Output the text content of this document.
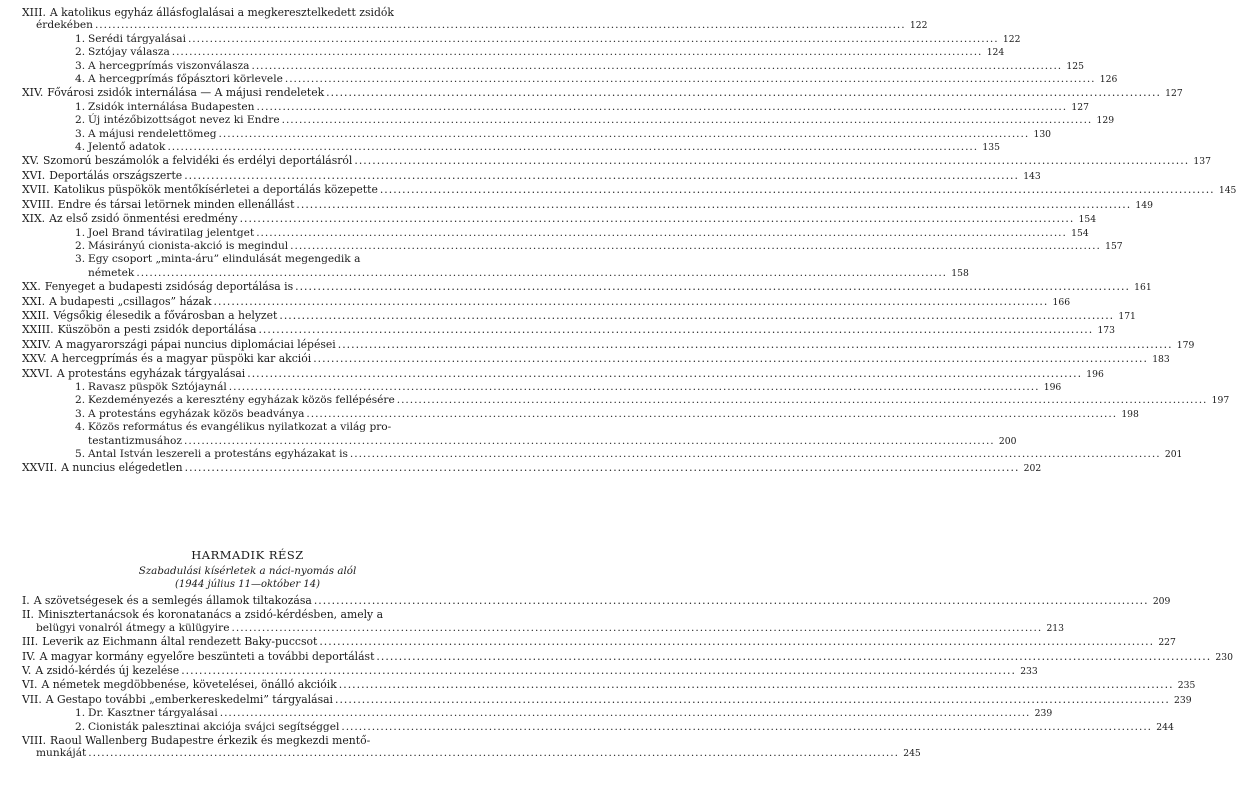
XIII. A katolikus egyház állásfoglalásai a megkeresztelkedett zsidók
érdekében . . .	122
1. Serédi tárgyalásai . . .	122
2. Sztójay válasza . . .	124
3. A hercegprímás viszonválasza . . .	125
4. A hercegprímás főpásztori körlevele . . .	126
XIV. Fővárosi zsidók internálása — A májusi rendeletek . . .	127
1. Zsidók internálása Budapesten . . .	127
2. Új intézőbizottságot nevez ki Endre . . .	129
3. A májusi rendelettömeg . . .	130
4. Jelentő adatok . . .	135
XV. Szomorú beszámolók a felvidéki és erdélyi deportálásról . . .	137
XVI. Deportálás országszerte . . .	143
XVII. Katolikus püspökök mentőkísérletei a deportálás közepette . . .	145
XVIII. Endre és társai letörnek minden ellenállást . . .	149
XIX. Az első zsidó önmentési eredmény . . .	154
1. Joel Brand táviratilag jelentget . . .	154
2. Másirányú cionista-akció is megindul . . .	157
3. Egy csoport „minta-áru” elindulását megengedik a
németek . . .	158
XX. Fenyeget a budapesti zsidóság deportálása is . . .	161
XXI. A budapesti „csillagos” házak . . .	166
XXII. Végsőkig élesedik a fővárosban a helyzet . . .	171
XXIII. Küszöbön a pesti zsidók deportálása . . .	173
XXIV. A magyarországi pápai nuncius diplomáciai lépései . . .	179
XXV. A hercegprímás és a magyar püspöki kar akciói . . .	183
XXVI. A protestáns egyházak tárgyalásai . . .	196
1. Ravasz püspök Sztójaynál . . .	196
2. Kezdeményezés a keresztény egyházak közös fellépésére . . .	197
3. A protestáns egyházak közös beadványa . . .	198
4. Közös református és evangélikus nyilatkozat a világ pro-
testantizmusához . . .	200
5. Antal István leszereli a protestáns egyházakat is . . .	201
XXVII. A nuncius elégedetlen . . .	202
HARMADIK RÉSZ
Szabadulási kísérletek a náci-nyomás alól
(1944 július 11—október 14)
I. A szövetségesek és a semlegés államok tiltakozása . . .	209
II. Minisztertanácsok és koronatanács a zsidó-kérdésben, amely a
belügyi vonalról átmegy a külügyire . . .	213
III. Leverik az Eichmann által rendezett Baky-puccsot . . .	227
IV. A magyar kormány egyelőre beszünteti a további deportálást . . .	230
V. A zsidó-kérdés új kezelése . . .	233
VI. A németek megdöbbenése, követelései, önálló akcióik . . .	235
VII. A Gestapo további „emberkereskedelmi” tárgyalásai . . .	239
1. Dr. Kasztner tárgyalásai . . .	239
2. Cionisták palesztinai akciója svájci segítséggel . . .	244
VIII. Raoul Wallenberg Budapestre érkezik és megkezdi mentő-
munkáját . . .	245
